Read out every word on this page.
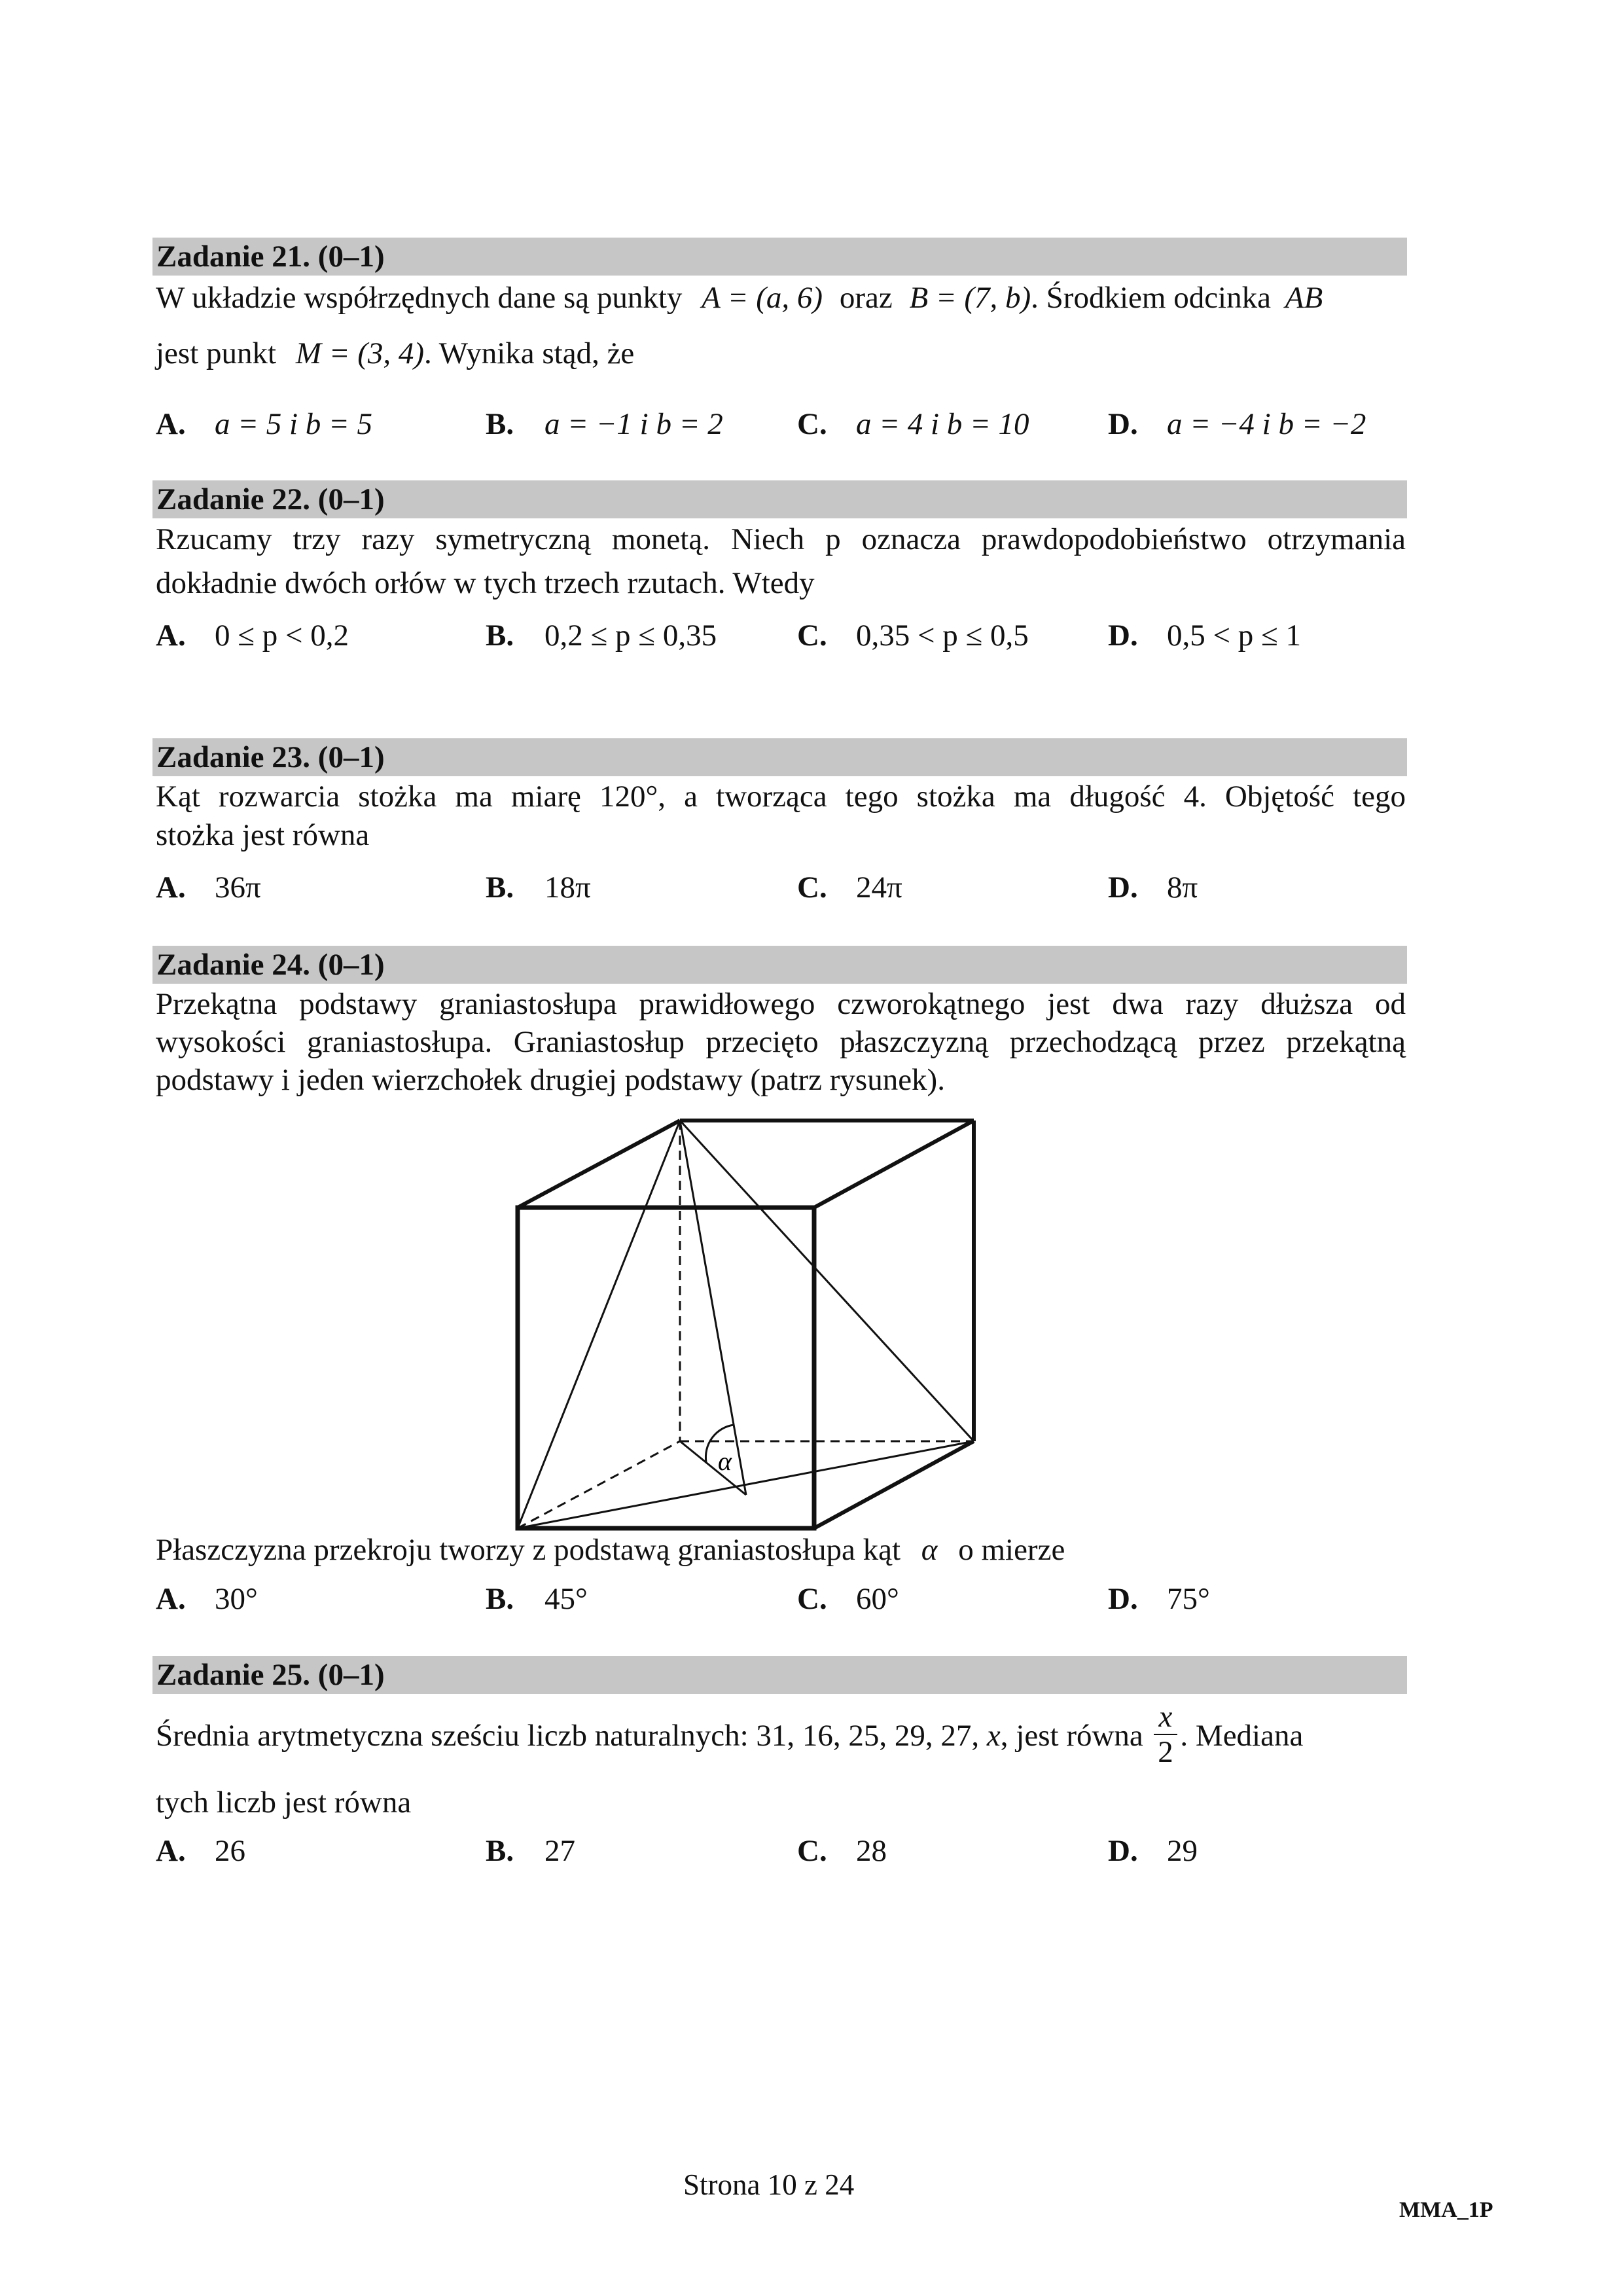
Zadanie 21. (0–1)
W układzie współrzędnych dane są punkty A = (a, 6) oraz B = (7, b). Środkiem odcinka AB
jest punkt M = (3, 4). Wynika stąd, że
A. a = 5 i b = 5	B. a = −1 i b = 2 C. a = 4 i b = 10	D. a = −4 i b = −2
Zadanie 22. (0–1)
Rzucamy trzy razy symetryczną monetą. Niech p oznacza prawdopodobieństwo otrzymania
dokładnie dwóch orłów w tych trzech rzutach. Wtedy
A. 0 ≤ p < 0,2	B. 0,2 ≤ p ≤ 0,35	C. 0,35 < p ≤ 0,5	D. 0,5 < p ≤ 1
Zadanie 23. (0–1)
Kąt rozwarcia stożka ma miarę 120°, a tworząca tego stożka ma długość 4. Objętość tego
stożka jest równa
A. 36π	B. 18π	C. 24π	D. 8π
Zadanie 24. (0–1)
Przekątna podstawy graniastosłupa prawidłowego czworokątnego jest dwa razy dłuższa od
wysokości graniastosłupa. Graniastosłup przecięto płaszczyzną przechodzącą przez przekątną
podstawy i jeden wierzchołek drugiej podstawy (patrz rysunek).
α
Płaszczyzna przekroju tworzy z podstawą graniastosłupa kąt α o mierze
A. 30°	B. 45°	C. 60°	D. 75°
Zadanie 25. (0–1)
Średnia arytmetyczna sześciu liczb naturalnych: 31, 16, 25, 29, 27, x, jest równa $\frac{x}{2}$ . Mediana
tych liczb jest równa
A. 26	B. 27	C. 28	D. 29
Strona 10 z 24
MMA_1P
